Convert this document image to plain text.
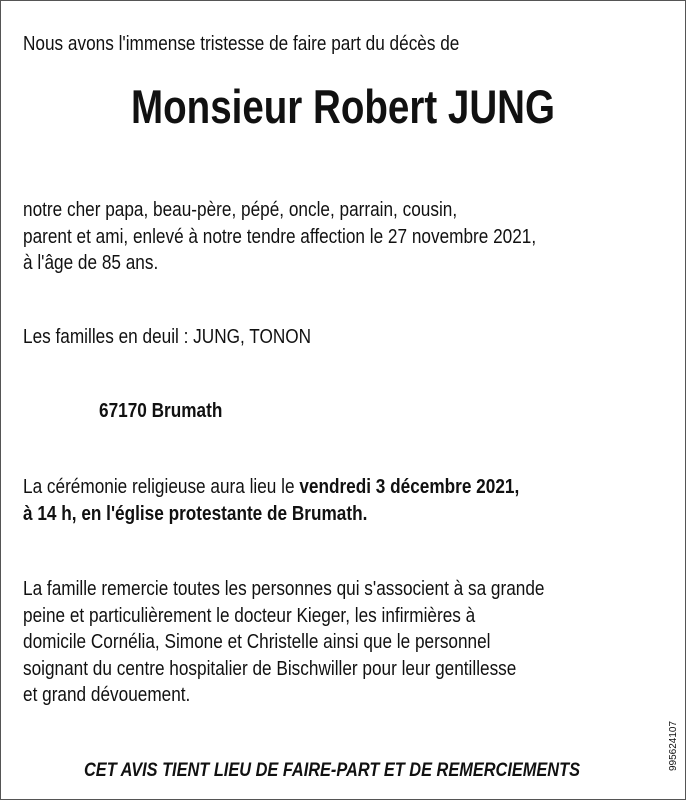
Nous avons l'immense tristesse de faire part du décès de
Monsieur Robert JUNG
notre cher papa, beau-père, pépé, oncle, parrain, cousin,
parent et ami, enlevé à notre tendre affection le 27 novembre 2021,
à l'âge de 85 ans.
Les familles en deuil : JUNG, TONON
67170 Brumath
La cérémonie religieuse aura lieu le vendredi 3 décembre 2021,
à 14 h, en l'église protestante de Brumath.
La famille remercie toutes les personnes qui s'associent à sa grande
peine et particulièrement le docteur Kieger, les infirmières à
domicile Cornélia, Simone et Christelle ainsi que le personnel
soignant du centre hospitalier de Bischwiller pour leur gentillesse
et grand dévouement.
CET AVIS TIENT LIEU DE FAIRE-PART ET DE REMERCIEMENTS	995624107
